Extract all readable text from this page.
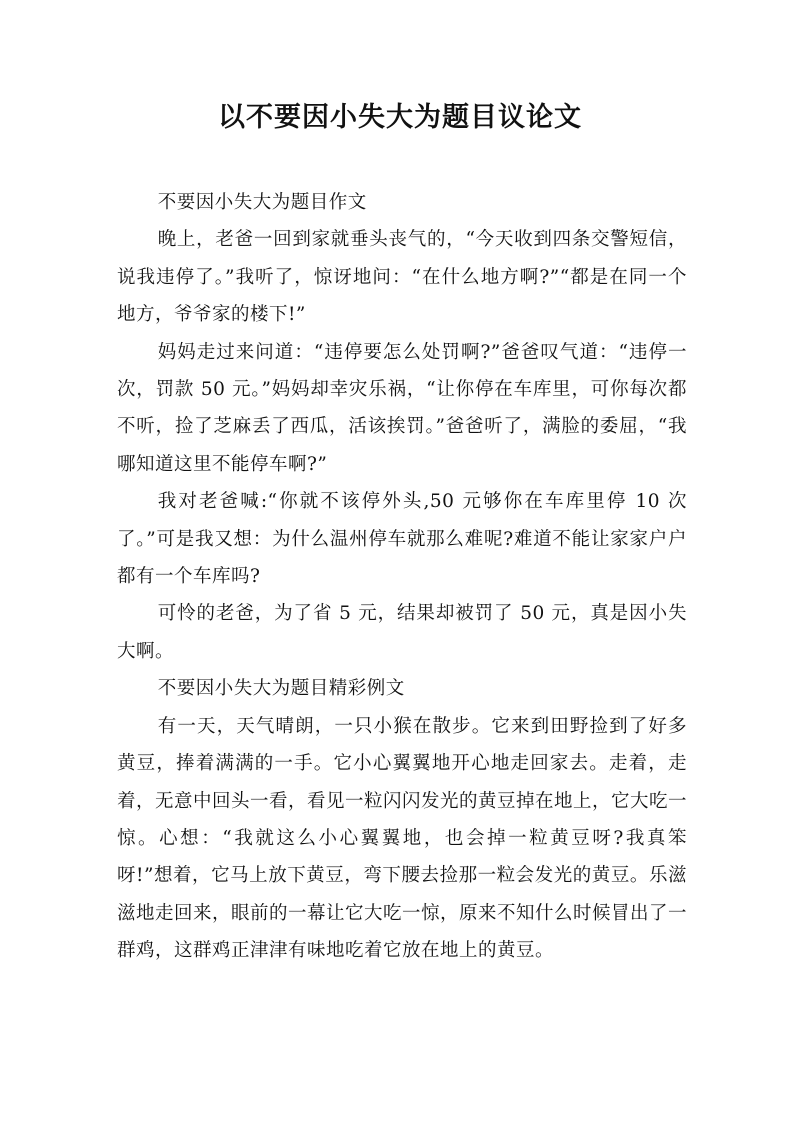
以不要因小失大为题目议论文

不要因小失大为题目作文

晚上，老爸一回到家就垂头丧气的，“今天收到四条交警短信，说我违停了。”我听了，惊讶地问：“在什么地方啊?”“都是在同一个地方，爷爷家的楼下!”

妈妈走过来问道：“违停要怎么处罚啊?”爸爸叹气道：“违停一次，罚款 50 元。”妈妈却幸灾乐祸，“让你停在车库里，可你每次都不听，捡了芝麻丢了西瓜，活该挨罚。”爸爸听了，满脸的委屈，“我哪知道这里不能停车啊?”

我对老爸喊:“你就不该停外头,50 元够你在车库里停 10 次了。”可是我又想：为什么温州停车就那么难呢?难道不能让家家户户都有一个车库吗?

可怜的老爸，为了省 5 元，结果却被罚了 50 元，真是因小失大啊。

不要因小失大为题目精彩例文

有一天，天气晴朗，一只小猴在散步。它来到田野捡到了好多黄豆，捧着满满的一手。它小心翼翼地开心地走回家去。走着，走着，无意中回头一看，看见一粒闪闪发光的黄豆掉在地上，它大吃一惊。心想：“我就这么小心翼翼地，也会掉一粒黄豆呀?我真笨呀!”想着，它马上放下黄豆，弯下腰去捡那一粒会发光的黄豆。乐滋滋地走回来，眼前的一幕让它大吃一惊，原来不知什么时候冒出了一群鸡，这群鸡正津津有味地吃着它放在地上的黄豆。
